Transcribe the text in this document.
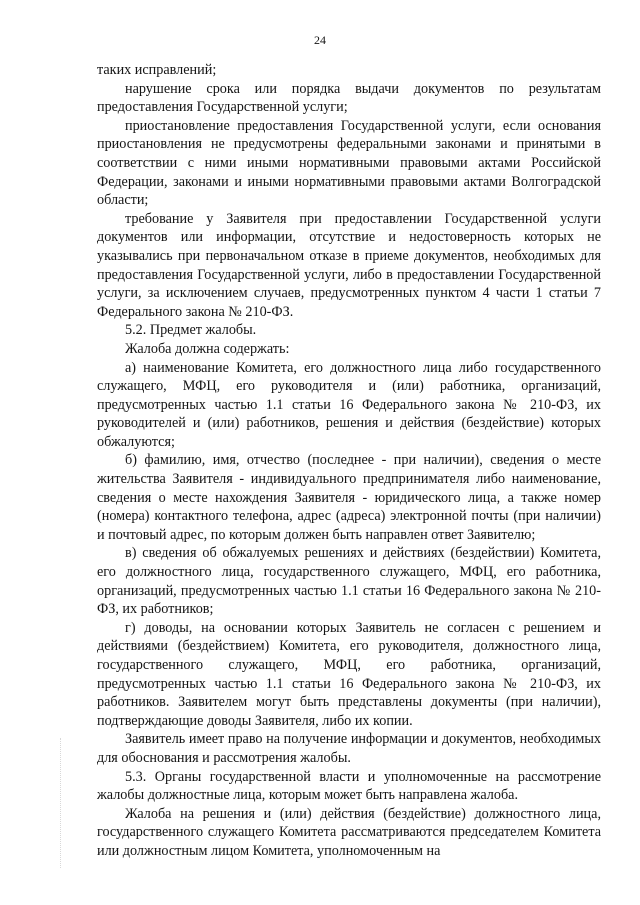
24

таких исправлений;

нарушение срока или порядка выдачи документов по результатам предоставления Государственной услуги;

приостановление предоставления Государственной услуги, если основания приостановления не предусмотрены федеральными законами и принятыми в соответствии с ними иными нормативными правовыми актами Российской Федерации, законами и иными нормативными правовыми актами Волгоградской области;

требование у Заявителя при предоставлении Государственной услуги документов или информации, отсутствие и недостоверность которых не указывались при первоначальном отказе в приеме документов, необходимых для предоставления Государственной услуги, либо в предоставлении Государственной услуги, за исключением случаев, предусмотренных пунктом 4 части 1 статьи 7 Федерального закона № 210-ФЗ.

5.2. Предмет жалобы.

Жалоба должна содержать:

а) наименование Комитета, его должностного лица либо государственного служащего, МФЦ, его руководителя и (или) работника, организаций, предусмотренных частью 1.1 статьи 16 Федерального закона № 210-ФЗ, их руководителей и (или) работников, решения и действия (бездействие) которых обжалуются;

б) фамилию, имя, отчество (последнее - при наличии), сведения о месте жительства Заявителя - индивидуального предпринимателя либо наименование, сведения о месте нахождения Заявителя - юридического лица, а также номер (номера) контактного телефона, адрес (адреса) электронной почты (при наличии) и почтовый адрес, по которым должен быть направлен ответ Заявителю;

в) сведения об обжалуемых решениях и действиях (бездействии) Комитета, его должностного лица, государственного служащего, МФЦ, его работника, организаций, предусмотренных частью 1.1 статьи 16 Федерального закона № 210-ФЗ, их работников;

г) доводы, на основании которых Заявитель не согласен с решением и действиями (бездействием) Комитета, его руководителя, должностного лица, государственного служащего, МФЦ, его работника, организаций, предусмотренных частью 1.1 статьи 16 Федерального закона № 210-ФЗ, их работников. Заявителем могут быть представлены документы (при наличии), подтверждающие доводы Заявителя, либо их копии.

Заявитель имеет право на получение информации и документов, необходимых для обоснования и рассмотрения жалобы.

5.3. Органы государственной власти и уполномоченные на рассмотрение жалобы должностные лица, которым может быть направлена жалоба.

Жалоба на решения и (или) действия (бездействие) должностного лица, государственного служащего Комитета рассматриваются председателем Комитета или должностным лицом Комитета, уполномоченным на
